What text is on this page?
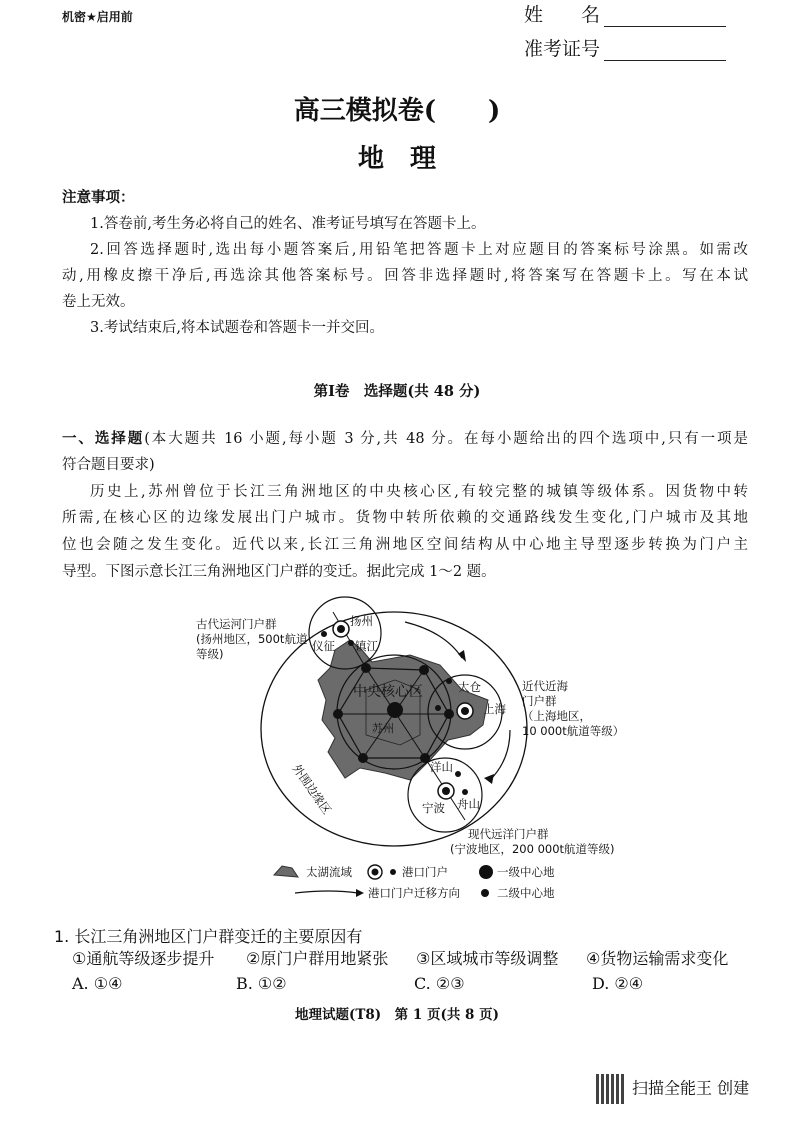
机密★启用前	姓　　名
准考证号
高三模拟卷(　　)
地　理
注意事项：
1.答卷前,考生务必将自己的姓名、准考证号填写在答题卡上。
2.回答选择题时,选出每小题答案后,用铅笔把答题卡上对应题目的答案标号涂黑。如需改
动,用橡皮擦干净后,再选涂其他答案标号。回答非选择题时,将答案写在答题卡上。写在本试
卷上无效。
3.考试结束后,将本试题卷和答题卡一并交回。
第Ⅰ卷　选择题(共 48 分)
一、选择题(本大题共 16 小题,每小题 3 分,共 48 分。在每小题给出的四个选项中,只有一项是
符合题目要求)
历史上,苏州曾位于长江三角洲地区的中央核心区,有较完整的城镇等级体系。因货物中转
所需,在核心区的边缘发展出门户城市。货物中转所依赖的交通路线发生变化,门户城市及其地
位也会随之发生变化。近代以来,长江三角洲地区空间结构从中心地主导型逐步转换为门户主
导型。下图示意长江三角洲地区门户群的变迁。据此完成 1～2 题。
古代运河门户群
(扬州地区，500t航道
等级)
扬州
仪征 镇江
中央核心区
苏州
太仓
上海
洋山
宁波 舟山
近代近海
门户群
（上海地区，
10 000t航道等级）
现代远洋门户群
(宁波地区，200 000t航道等级)
外围边缘区
太湖流域	港口门户	一级中心地
港口门户迁移方向	二级中心地
1. 长江三角洲地区门户群变迁的主要原因有
①通航等级逐步提升 ②原门户群用地紧张 ③区域城市等级调整 ④货物运输需求变化
A. ①④	B. ①②	C. ②③	D. ②④
地理试题(T8)　第 1 页(共 8 页)
扫描全能王 创建
